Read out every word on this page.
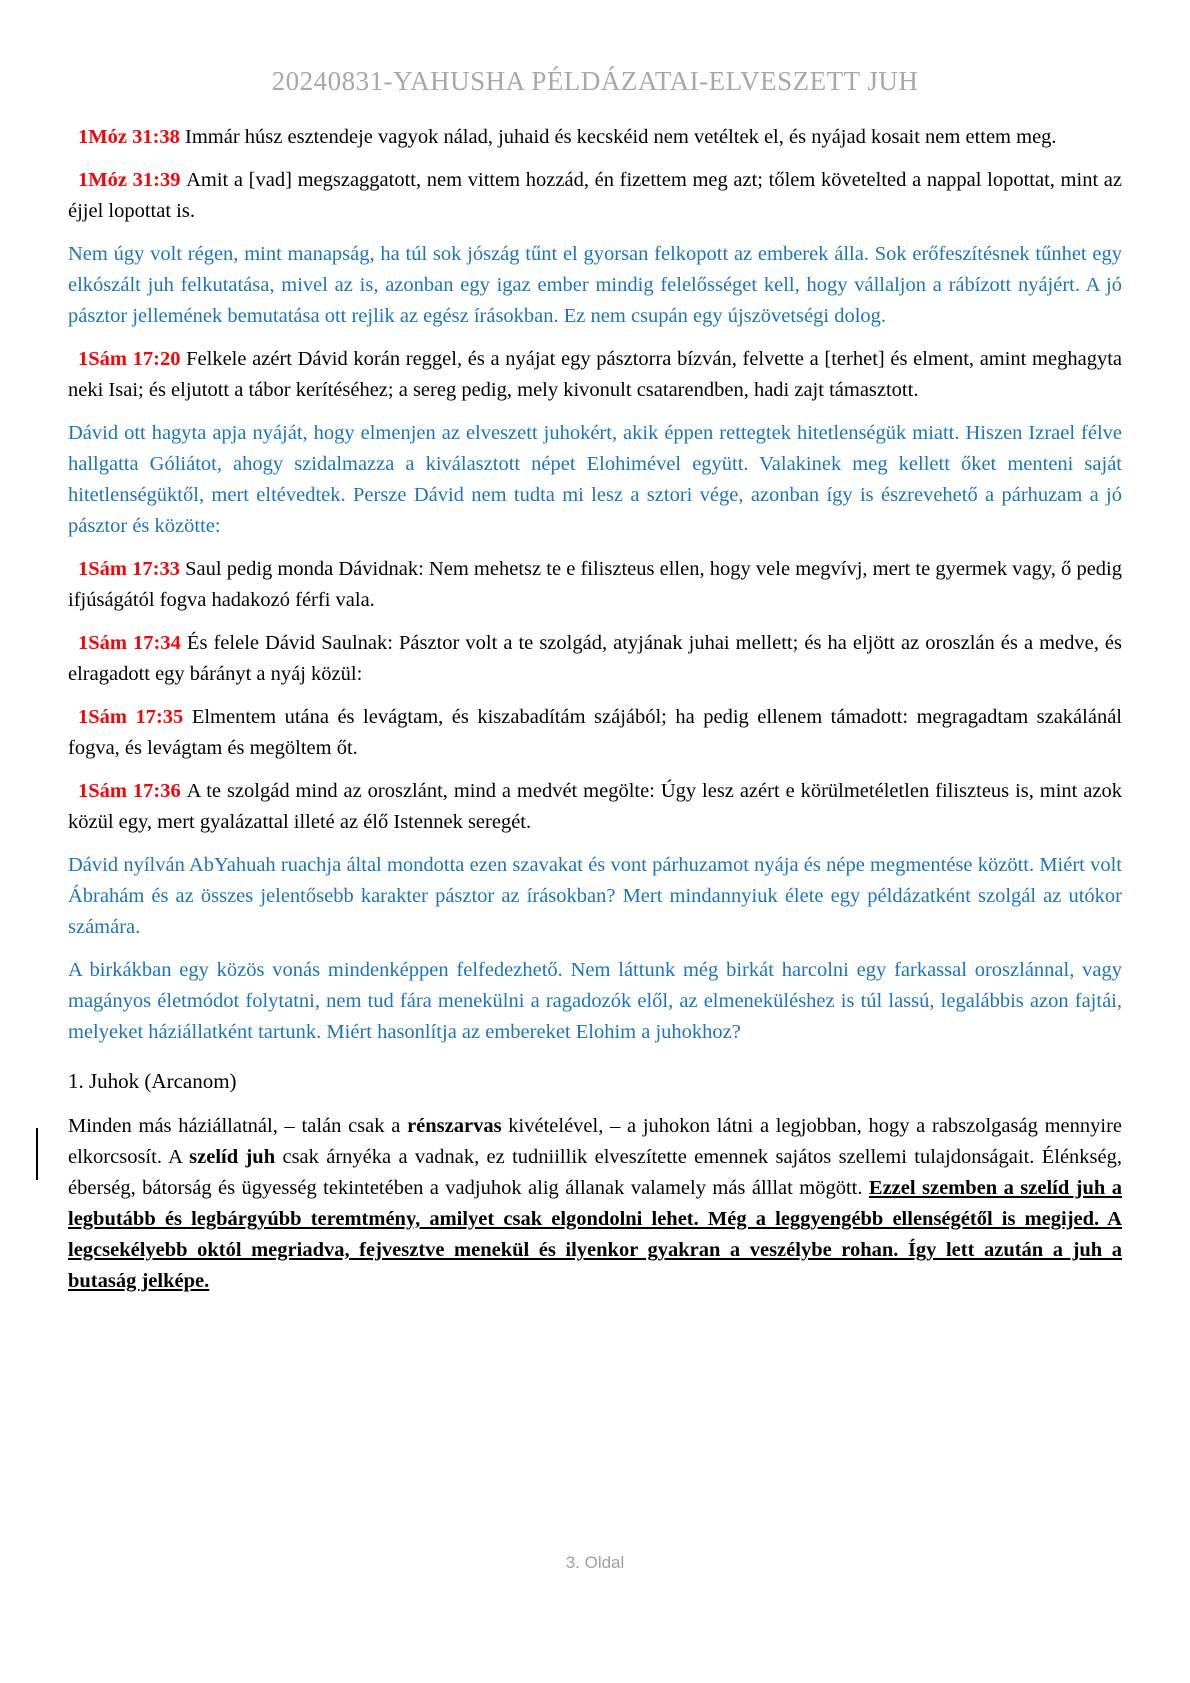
20240831-YAHUSHA PÉLDÁZATAI-ELVESZETT JUH

1Móz 31:38 Immár húsz esztendeje vagyok nálad, juhaid és kecskéid nem vetéltek el, és nyájad kosait nem ettem meg.

1Móz 31:39 Amit a [vad] megszaggatott, nem vittem hozzád, én fizettem meg azt; tőlem követelted a nappal lopottat, mint az éjjel lopottat is.

Nem úgy volt régen, mint manapság, ha túl sok jószág tűnt el gyorsan felkopott az emberek álla. Sok erőfeszítésnek tűnhet egy elkószált juh felkutatása, mivel az is, azonban egy igaz ember mindig felelősséget kell, hogy vállaljon a rábízott nyájért. A jó pásztor jellemének bemutatása ott rejlik az egész írásokban. Ez nem csupán egy újszövetségi dolog.

1Sám 17:20 Felkele azért Dávid korán reggel, és a nyájat egy pásztorra bízván, felvette a [terhet] és elment, amint meghagyta neki Isai; és eljutott a tábor kerítéséhez; a sereg pedig, mely kivonult csatarendben, hadi zajt támasztott.

Dávid ott hagyta apja nyáját, hogy elmenjen az elveszett juhokért, akik éppen rettegtek hitetlenségük miatt. Hiszen Izrael félve hallgatta Góliátot, ahogy szidalmazza a kiválasztott népet Elohimével együtt. Valakinek meg kellett őket menteni saját hitetlenségüktől, mert eltévedtek. Persze Dávid nem tudta mi lesz a sztori vége, azonban így is észrevehető a párhuzam a jó pásztor és közötte:

1Sám 17:33 Saul pedig monda Dávidnak: Nem mehetsz te e filiszteus ellen, hogy vele megvívj, mert te gyermek vagy, ő pedig ifjúságától fogva hadakozó férfi vala.

1Sám 17:34 És felele Dávid Saulnak: Pásztor volt a te szolgád, atyjának juhai mellett; és ha eljött az oroszlán és a medve, és elragadott egy bárányt a nyáj közül:

1Sám 17:35 Elmentem utána és levágtam, és kiszabadítám szájából; ha pedig ellenem támadott: megragadtam szakálánál fogva, és levágtam és megöltem őt.

1Sám 17:36 A te szolgád mind az oroszlánt, mind a medvét megölte: Úgy lesz azért e körülmetéletlen filiszteus is, mint azok közül egy, mert gyalázattal illeté az élő Istennek seregét.

Dávid nyílván AbYahuah ruachja által mondotta ezen szavakat és vont párhuzamot nyája és népe megmentése között. Miért volt Ábrahám és az összes jelentősebb karakter pásztor az írásokban? Mert mindannyiuk élete egy példázatként szolgál az utókor számára.

A birkákban egy közös vonás mindenképpen felfedezhető. Nem láttunk még birkát harcolni egy farkassal oroszlánnal, vagy magányos életmódot folytatni, nem tud fára menekülni a ragadozók elől, az elmeneküléshez is túl lassú, legalábbis azon fajtái, melyeket háziállatként tartunk. Miért hasonlítja az embereket Elohim a juhokhoz?

1. Juhok (Arcanom)

Minden más háziállatnál, – talán csak a rénszarvas kivételével, – a juhokon látni a legjobban, hogy a rabszolgaság mennyire elkorcsosít. A szelíd juh csak árnyéka a vadnak, ez tudniillik elveszítette emennek sajátos szellemi tulajdonságait. Élénkség, éberség, bátorság és ügyesség tekintetében a vadjuhok alig állanak valamely más álllat mögött. Ezzel szemben a szelíd juh a legbutább és legbárgyúbb teremtmény, amilyet csak elgondolni lehet. Még a leggyengébb ellenségétől is megijed. A legcsekélyebb októl megriadva, fejvesztve menekül és ilyenkor gyakran a veszélybe rohan. Így lett azután a juh a butaság jelképe.

3. Oldal
